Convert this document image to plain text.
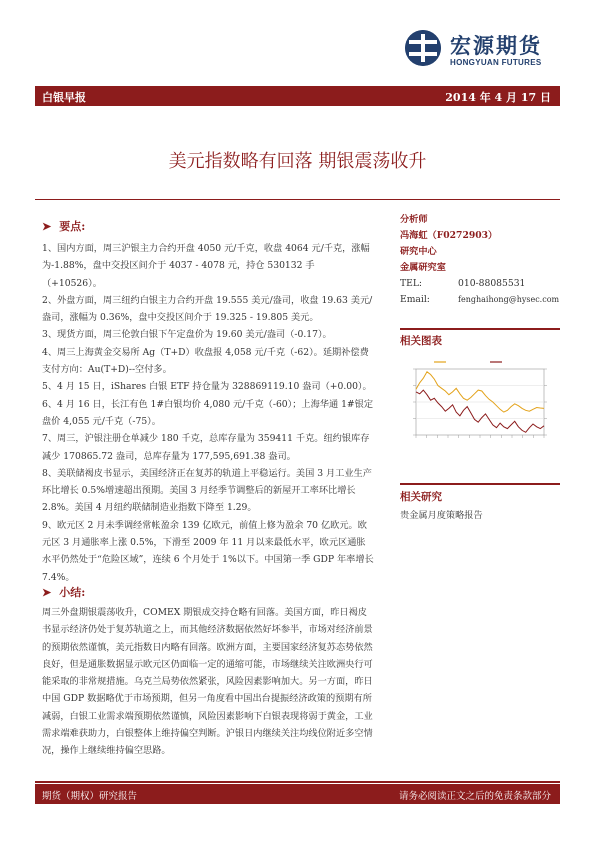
宏源期货
HONGYUAN FUTURES
白银早报	2014 年 4 月 17 日
美元指数略有回落 期银震荡收升
➤ 要点:

1、国内方面，周三沪银主力合约开盘 4050 元/千克，收盘 4064 元/千克，涨幅为-1.88%，盘中交投区间介于 4037 - 4078 元，持仓 530132 手（+10526）。

2、外盘方面，周三纽约白银主力合约开盘 19.555 美元/盎司，收盘 19.63 美元/盎司，涨幅为 0.36%，盘中交投区间介于 19.325 - 19.805 美元。

3、现货方面，周三伦敦白银下午定盘价为 19.60 美元/盎司（-0.17）。

4、周三上海黄金交易所 Ag（T+D）收盘报 4,058 元/千克（-62）。延期补偿费支付方向：Au(T+D)--空付多。

5、4 月 15 日，iShares 白银 ETF 持仓量为 328869119.10 盎司（+0.00）。

6、4 月 16 日，长江有色 1#白银均价 4,080 元/千克（-60）；上海华通 1#银定盘价 4,055 元/千克（-75）。

7、周三，沪银注册仓单减少 180 千克，总库存量为 359411 千克。纽约银库存减少 170865.72 盎司，总库存量为 177,595,691.38 盎司。

8、美联储褐皮书显示，美国经济正在复苏的轨道上平稳运行。美国 3 月工业生产环比增长 0.5%增速超出预期。美国 3 月经季节调整后的新屋开工率环比增长 2.8%。美国 4 月纽约联储制造业指数下降至 1.29。

9、欧元区 2 月未季调经常帐盈余 139 亿欧元，前值上修为盈余 70 亿欧元。欧元区 3 月通胀率上涨 0.5%，下滑至 2009 年 11 月以来最低水平，欧元区通胀水平仍然处于“危险区域”，连续 6 个月处于 1%以下。中国第一季 GDP 年率增长 7.4%。

➤ 小结:
周三外盘期银震荡收升，COMEX 期银成交持仓略有回落。美国方面，昨日褐皮书显示经济仍处于复苏轨道之上，而其他经济数据依然好坏参半，市场对经济前景的预期依然谨慎，美元指数日内略有回落。欧洲方面，主要国家经济复苏态势依然良好，但是通胀数据显示欧元区仍面临一定的通缩可能，市场继续关注欧洲央行可能采取的非常规措施。乌克兰局势依然紧张，风险因素影响加大。另一方面，昨日中国 GDP 数据略优于市场预期，但另一角度看中国出台提振经济政策的预期有所减弱，白银工业需求端预期依然谨慎，风险因素影响下白银表现将弱于黄金，工业需求端难获助力，白银整体上维持偏空判断。沪银日内继续关注均线位附近多空情况，操作上继续维持偏空思路。
分析师
冯海虹（F0272903）
研究中心
金属研究室
TEL:	010-88085531
Email:	fenghaihong@hysec.com
相关图表
相关研究
贵金属月度策略报告
期货（期权）研究报告	请务必阅读正文之后的免责条款部分
